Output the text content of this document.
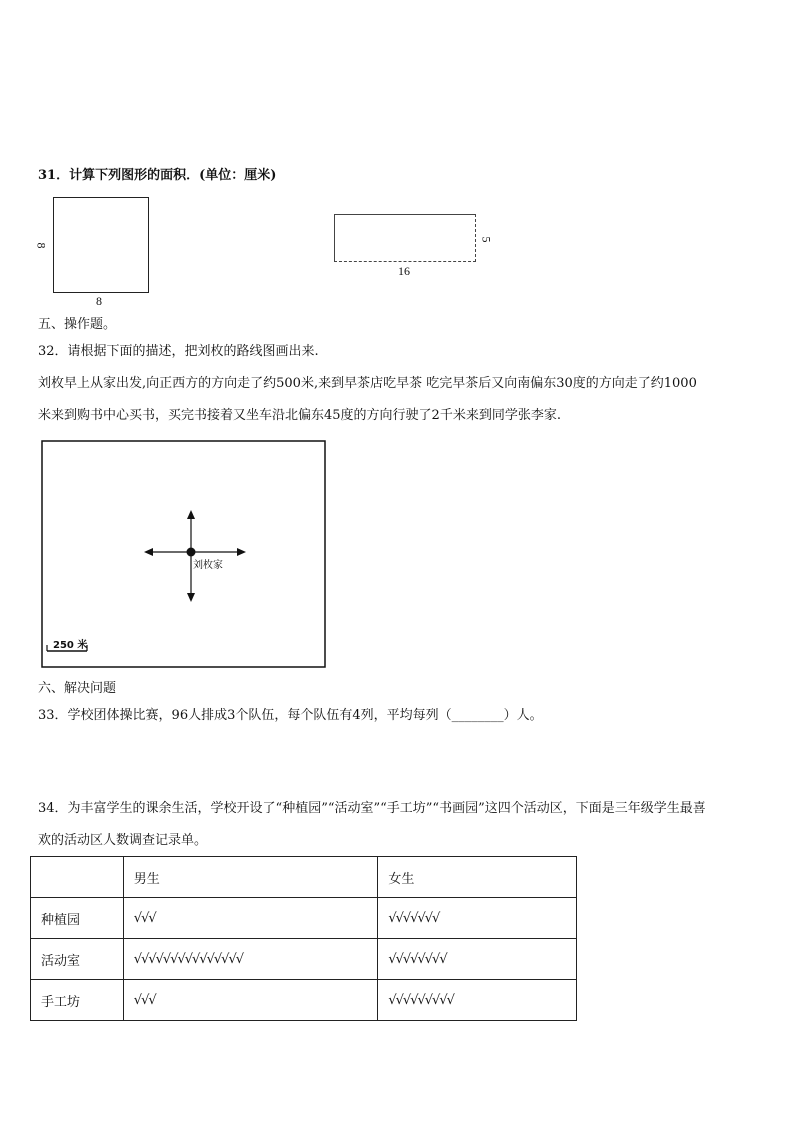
31．计算下列图形的面积．(单位：厘米)
8
8
5
16
五、操作题。
32．请根据下面的描述，把刘枚的路线图画出来.
刘枚早上从家出发,向正西方的方向走了约500米,来到早茶店吃早茶 吃完早茶后又向南偏东30度的方向走了约1000
米来到购书中心买书，买完书接着又坐车沿北偏东45度的方向行驶了2千米来到同学张李家.
刘枚家
250 米
六、解决问题
33．学校团体操比赛，96人排成3个队伍，每个队伍有4列，平均每列（________）人。
34．为丰富学生的课余生活，学校开设了“种植园”“活动室”“手工坊”“书画园”这四个活动区，下面是三年级学生最喜
欢的活动区人数调查记录单。
	男生	女生
种植园	√√√	√√√√√√√
活动室	√√√√√√√√√√√√√√√	√√√√√√√√
手工坊	√√√	√√√√√√√√√
